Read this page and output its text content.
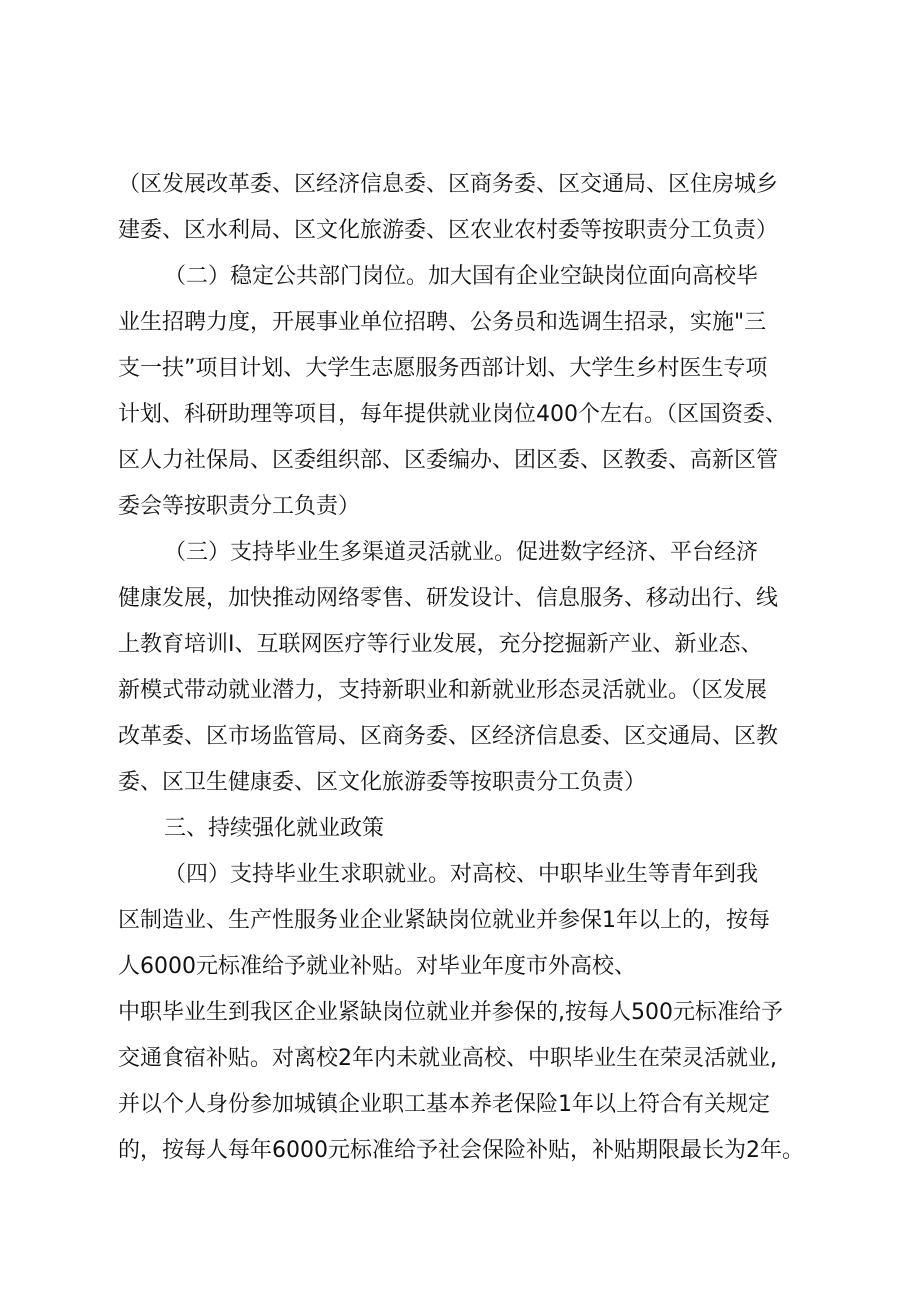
（区发展改革委、区经济信息委、区商务委、区交通局、区住房城乡
建委、区水利局、区文化旅游委、区农业农村委等按职责分工负责）
（二）稳定公共部门岗位。加大国有企业空缺岗位面向高校毕
业生招聘力度，开展事业单位招聘、公务员和选调生招录，实施"三
支一扶”项目计划、大学生志愿服务西部计划、大学生乡村医生专项
计划、科研助理等项目，每年提供就业岗位400个左右。（区国资委、
区人力社保局、区委组织部、区委编办、团区委、区教委、高新区管
委会等按职责分工负责）
（三）支持毕业生多渠道灵活就业。促进数字经济、平台经济
健康发展，加快推动网络零售、研发设计、信息服务、移动出行、线
上教育培训I、互联网医疗等行业发展，充分挖掘新产业、新业态、
新模式带动就业潜力，支持新职业和新就业形态灵活就业。（区发展
改革委、区市场监管局、区商务委、区经济信息委、区交通局、区教
委、区卫生健康委、区文化旅游委等按职责分工负责）
三、持续强化就业政策
（四）支持毕业生求职就业。对高校、中职毕业生等青年到我
区制造业、生产性服务业企业紧缺岗位就业并参保1年以上的，按每
人6000元标准给予就业补贴。对毕业年度市外高校、
中职毕业生到我区企业紧缺岗位就业并参保的,按每人500元标准给予
交通食宿补贴。对离校2年内未就业高校、中职毕业生在荣灵活就业,
并以个人身份参加城镇企业职工基本养老保险1年以上符合有关规定
的，按每人每年6000元标准给予社会保险补贴，补贴期限最长为2年。
